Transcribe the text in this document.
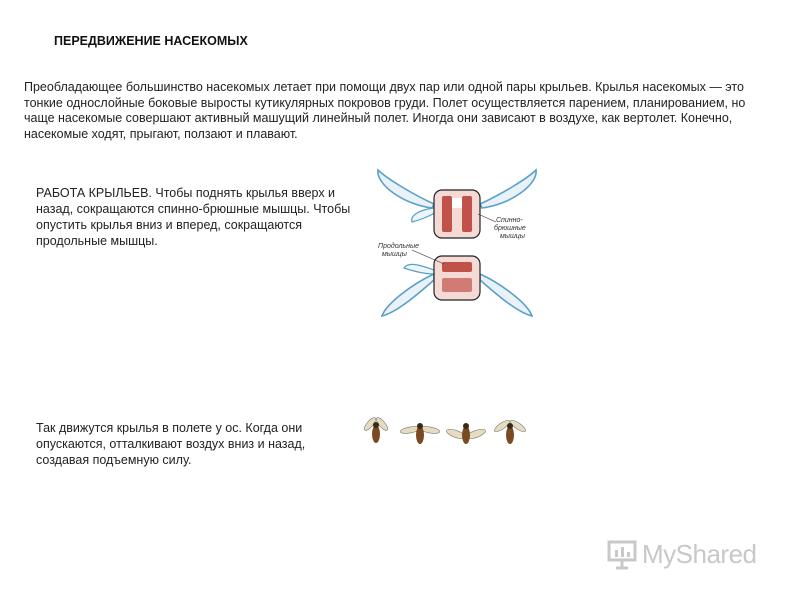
ПЕРЕДВИЖЕНИЕ НАСЕКОМЫХ
Преобладающее большинство насекомых летает при помощи двух пар или одной пары крыльев. Крылья насекомых — это тонкие однослойные боковые выросты кутикулярных покровов груди. Полет осуществляется парением, планированием, но чаще насекомые совершают активный машущий линейный полет. Иногда они зависают в воздухе, как вертолет. Конечно, насекомые ходят, прыгают, ползают и плавают.
РАБОТА КРЫЛЬЕВ. Чтобы поднять крылья вверх и назад, сокращаются спинно-брюшные мышцы. Чтобы опустить крылья вниз и вперед, сокращаются продольные мышцы.
Так движутся крылья в полете у ос. Когда они опускаются, отталкивают воздух вниз и назад, создавая подъемную силу.
Спинно-
брюшные
мышцы
Продольные
мышцы
MyShared
